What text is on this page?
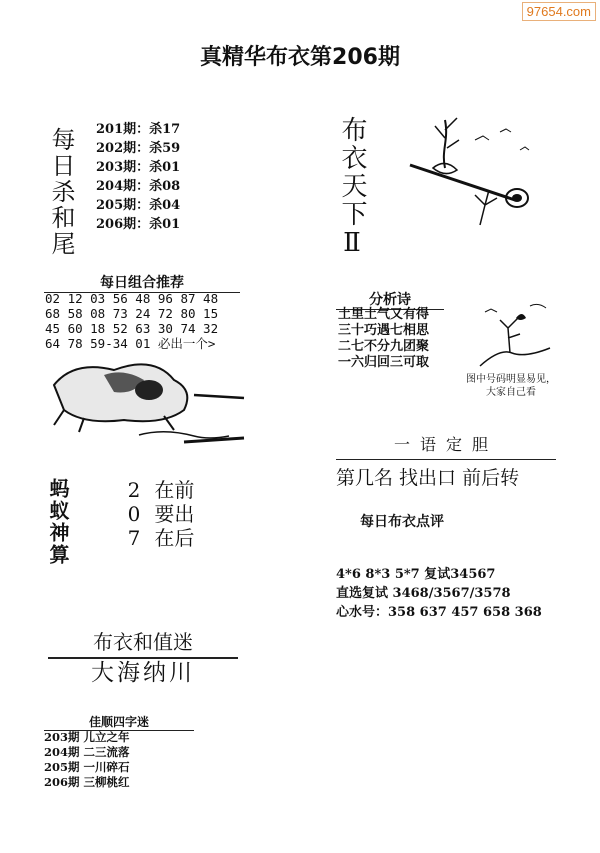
97654.com
真精华布衣第206期
每日杀和尾 201期：杀17
202期：杀59
203期：杀01
204期：杀08
205期：杀04
206期：杀01	布衣天下Ⅱ
每日组合推荐
02 12 03 56 48 96 87 48
68 58 08 73 24 72 80 15
45 60 18 52 63 30 74 32
64 78 59-34 01 必出一个>
分析诗
土里土气又有得
三十巧遇七相思
二七不分九团聚
一六归回三可取
图中号码明显易见，
大家自己看
一语定胆
第几名 找出口 前后转
每日布衣点评
4*6 8*3 5*7 复试34567
直选复试 3468/3567/3578
心水号：358 637 457 658 368
蚂蚁神算	2 在前
0 要出
7 在后
布衣和值迷
大海纳川
佳顺四字迷
203期 儿立之年
204期 二三流落
205期 一川碎石
206期 三柳桃红
